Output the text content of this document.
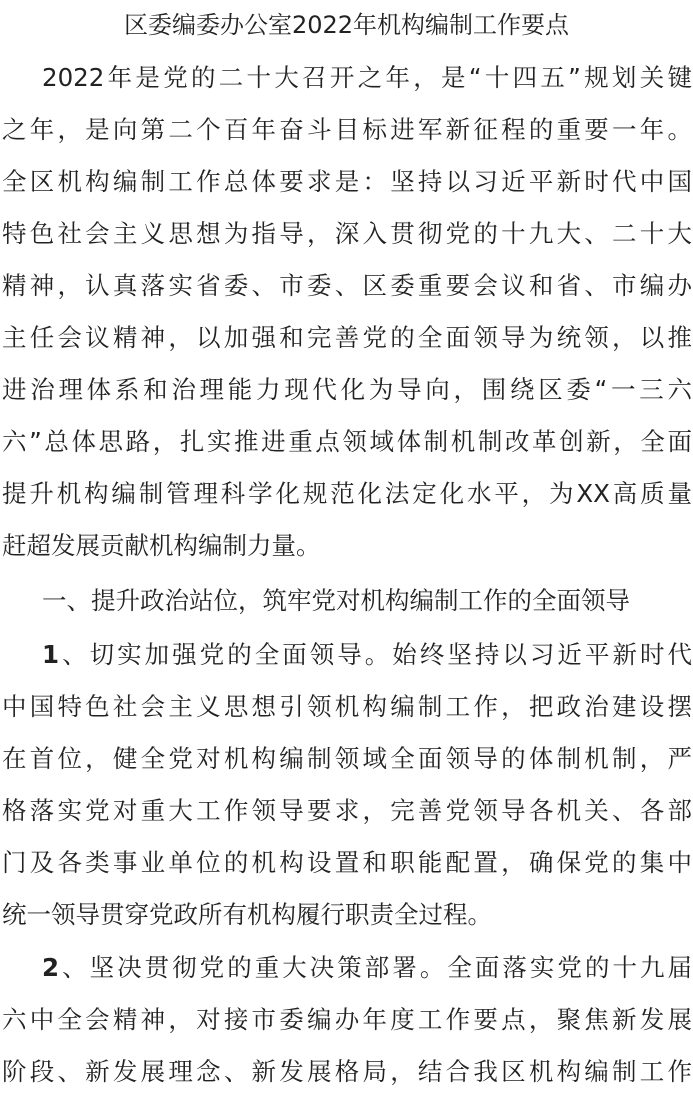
区委编委办公室2022年机构编制工作要点
2022年是党的二十大召开之年，是“十四五”规划关键
之年，是向第二个百年奋斗目标进军新征程的重要一年。
全区机构编制工作总体要求是：坚持以习近平新时代中国
特色社会主义思想为指导，深入贯彻党的十九大、二十大
精神，认真落实省委、市委、区委重要会议和省、市编办
主任会议精神，以加强和完善党的全面领导为统领，以推
进治理体系和治理能力现代化为导向，围绕区委“一三六
六”总体思路，扎实推进重点领域体制机制改革创新，全面
提升机构编制管理科学化规范化法定化水平，为XX高质量
赶超发展贡献机构编制力量。
一、提升政治站位，筑牢党对机构编制工作的全面领导
1、切实加强党的全面领导。始终坚持以习近平新时代
中国特色社会主义思想引领机构编制工作，把政治建设摆
在首位，健全党对机构编制领域全面领导的体制机制，严
格落实党对重大工作领导要求，完善党领导各机关、各部
门及各类事业单位的机构设置和职能配置，确保党的集中
统一领导贯穿党政所有机构履行职责全过程。
2、坚决贯彻党的重大决策部署。全面落实党的十九届
六中全会精神，对接市委编办年度工作要点，聚焦新发展
阶段、新发展理念、新发展格局，结合我区机构编制工作
